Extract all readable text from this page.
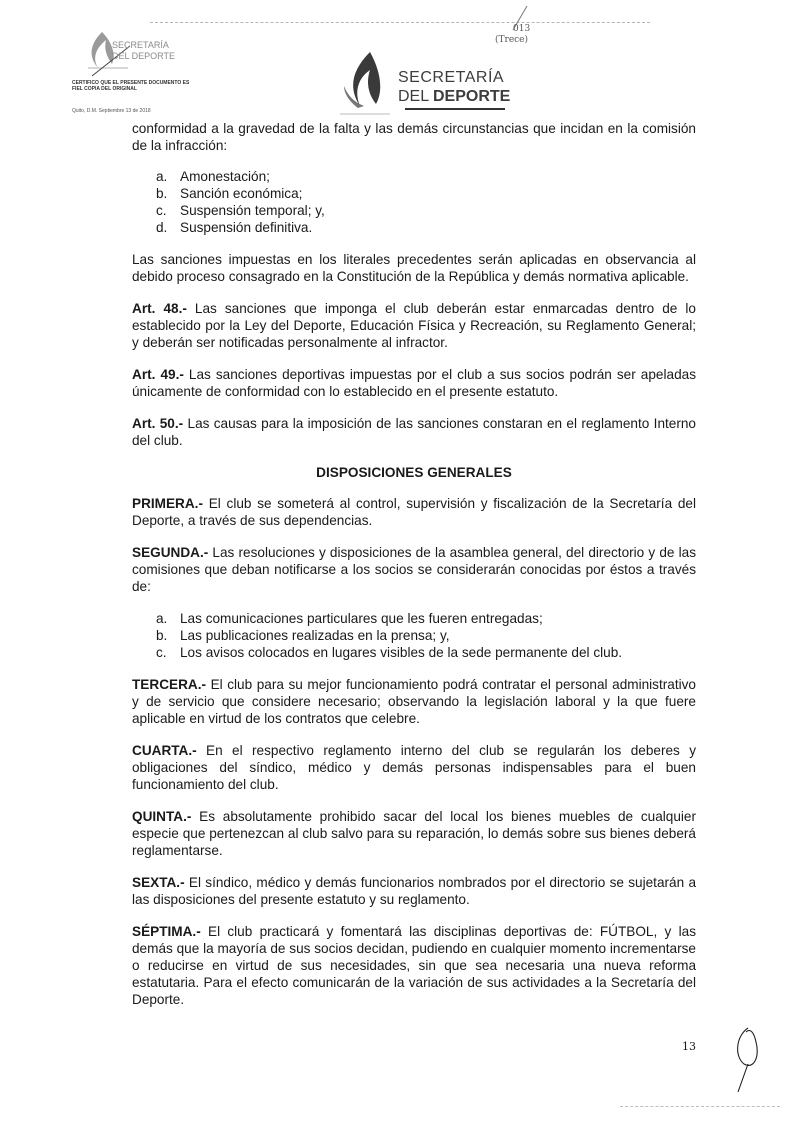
013
(Trece)
SECRETARÍA
DEL DEPORTE
CERTIFICO QUE EL PRESENTE DOCUMENTO ES FIEL COPIA DEL ORIGINAL
Quito, D.M. Septiembre 13 de 2018
SECRETARÍA
DEL DEPORTE

conformidad a la gravedad de la falta y las demás circunstancias que incidan en la comisión de la infracción:

a. Amonestación;
b. Sanción económica;
c. Suspensión temporal; y,
d. Suspensión definitiva.

Las sanciones impuestas en los literales precedentes serán aplicadas en observancia al debido proceso consagrado en la Constitución de la República y demás normativa aplicable.

Art. 48.- Las sanciones que imponga el club deberán estar enmarcadas dentro de lo establecido por la Ley del Deporte, Educación Física y Recreación, su Reglamento General; y deberán ser notificadas personalmente al infractor.

Art. 49.- Las sanciones deportivas impuestas por el club a sus socios podrán ser apeladas únicamente de conformidad con lo establecido en el presente estatuto.

Art. 50.- Las causas para la imposición de las sanciones constaran en el reglamento Interno del club.

DISPOSICIONES GENERALES

PRIMERA.- El club se someterá al control, supervisión y fiscalización de la Secretaría del Deporte, a través de sus dependencias.

SEGUNDA.- Las resoluciones y disposiciones de la asamblea general, del directorio y de las comisiones que deban notificarse a los socios se considerarán conocidas por éstos a través de:

a. Las comunicaciones particulares que les fueren entregadas;
b. Las publicaciones realizadas en la prensa; y,
c. Los avisos colocados en lugares visibles de la sede permanente del club.

TERCERA.- El club para su mejor funcionamiento podrá contratar el personal administrativo y de servicio que considere necesario; observando la legislación laboral y la que fuere aplicable en virtud de los contratos que celebre.

CUARTA.- En el respectivo reglamento interno del club se regularán los deberes y obligaciones del síndico, médico y demás personas indispensables para el buen funcionamiento del club.

QUINTA.- Es absolutamente prohibido sacar del local los bienes muebles de cualquier especie que pertenezcan al club salvo para su reparación, lo demás sobre sus bienes deberá reglamentarse.

SEXTA.- El síndico, médico y demás funcionarios nombrados por el directorio se sujetarán a las disposiciones del presente estatuto y su reglamento.

SÉPTIMA.- El club practicará y fomentará las disciplinas deportivas de: FÚTBOL, y las demás que la mayoría de sus socios decidan, pudiendo en cualquier momento incrementarse o reducirse en virtud de sus necesidades, sin que sea necesaria una nueva reforma estatutaria. Para el efecto comunicarán de la variación de sus actividades a la Secretaría del Deporte.

13
